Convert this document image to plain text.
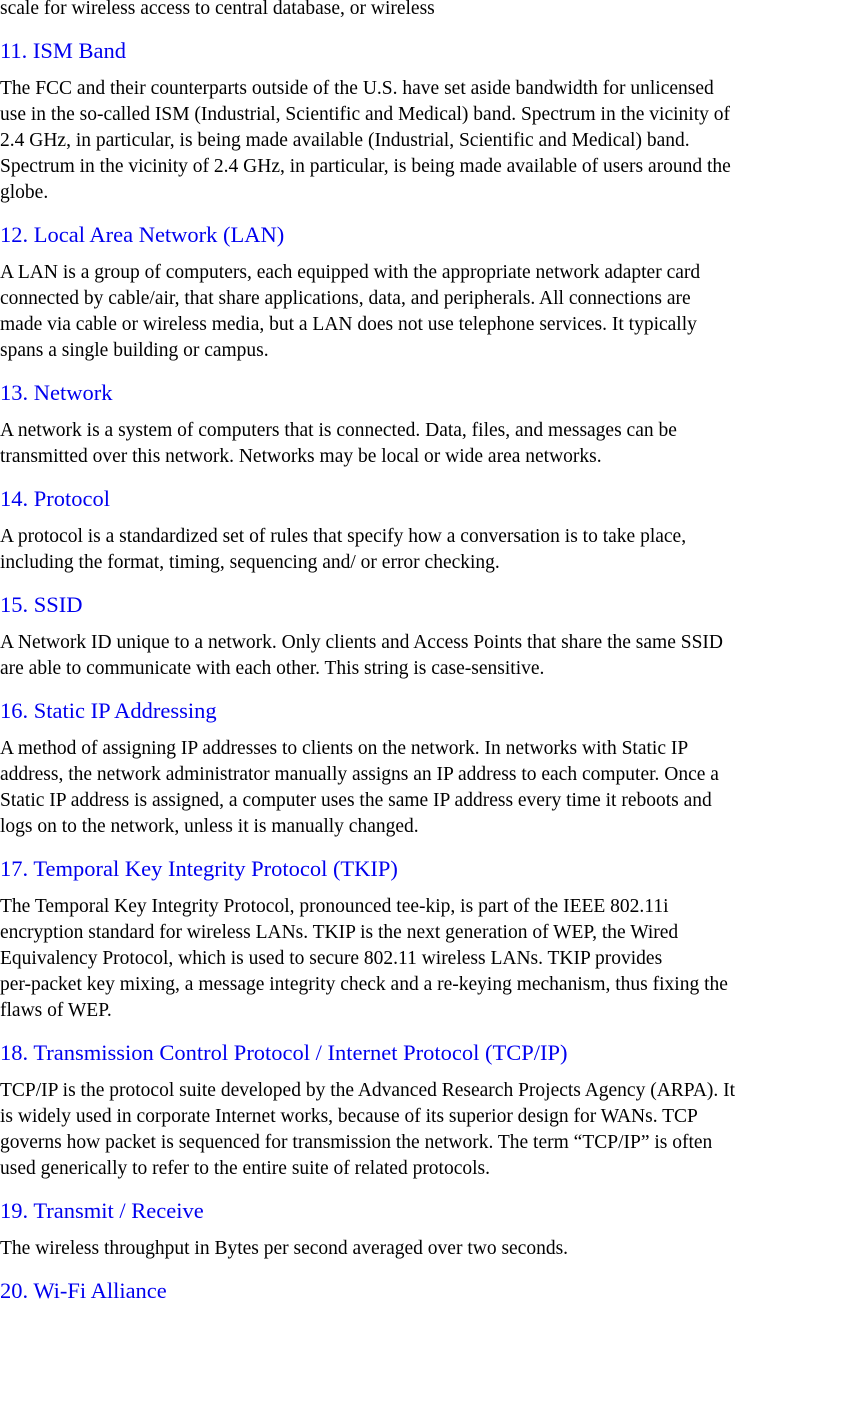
scale for wireless access to central database, or wireless
11. ISM Band
The FCC and their counterparts outside of the U.S. have set aside bandwidth for unlicensed
use in the so-called ISM (Industrial, Scientific and Medical) band. Spectrum in the vicinity of
2.4 GHz, in particular, is being made available (Industrial, Scientific and Medical) band.
Spectrum in the vicinity of 2.4 GHz, in particular, is being made available of users around the
globe.
12. Local Area Network (LAN)
A LAN is a group of computers, each equipped with the appropriate network adapter card
connected by cable/air, that share applications, data, and peripherals. All connections are
made via cable or wireless media, but a LAN does not use telephone services. It typically
spans a single building or campus.
13. Network
A network is a system of computers that is connected. Data, files, and messages can be
transmitted over this network. Networks may be local or wide area networks.
14. Protocol
A protocol is a standardized set of rules that specify how a conversation is to take place,
including the format, timing, sequencing and/ or error checking.
15. SSID
A Network ID unique to a network. Only clients and Access Points that share the same SSID
are able to communicate with each other. This string is case-sensitive.
16. Static IP Addressing
A method of assigning IP addresses to clients on the network. In networks with Static IP
address, the network administrator manually assigns an IP address to each computer. Once a
Static IP address is assigned, a computer uses the same IP address every time it reboots and
logs on to the network, unless it is manually changed.
17. Temporal Key Integrity Protocol (TKIP)
The Temporal Key Integrity Protocol, pronounced tee-kip, is part of the IEEE 802.11i
encryption standard for wireless LANs. TKIP is the next generation of WEP, the Wired
Equivalency Protocol, which is used to secure 802.11 wireless LANs. TKIP provides
per-packet key mixing, a message integrity check and a re-keying mechanism, thus fixing the
flaws of WEP.
18. Transmission Control Protocol / Internet Protocol (TCP/IP)
TCP/IP is the protocol suite developed by the Advanced Research Projects Agency (ARPA). It
is widely used in corporate Internet works, because of its superior design for WANs. TCP
governs how packet is sequenced for transmission the network. The term “TCP/IP” is often
used generically to refer to the entire suite of related protocols.
19. Transmit / Receive
The wireless throughput in Bytes per second averaged over two seconds.
20. Wi-Fi Alliance
